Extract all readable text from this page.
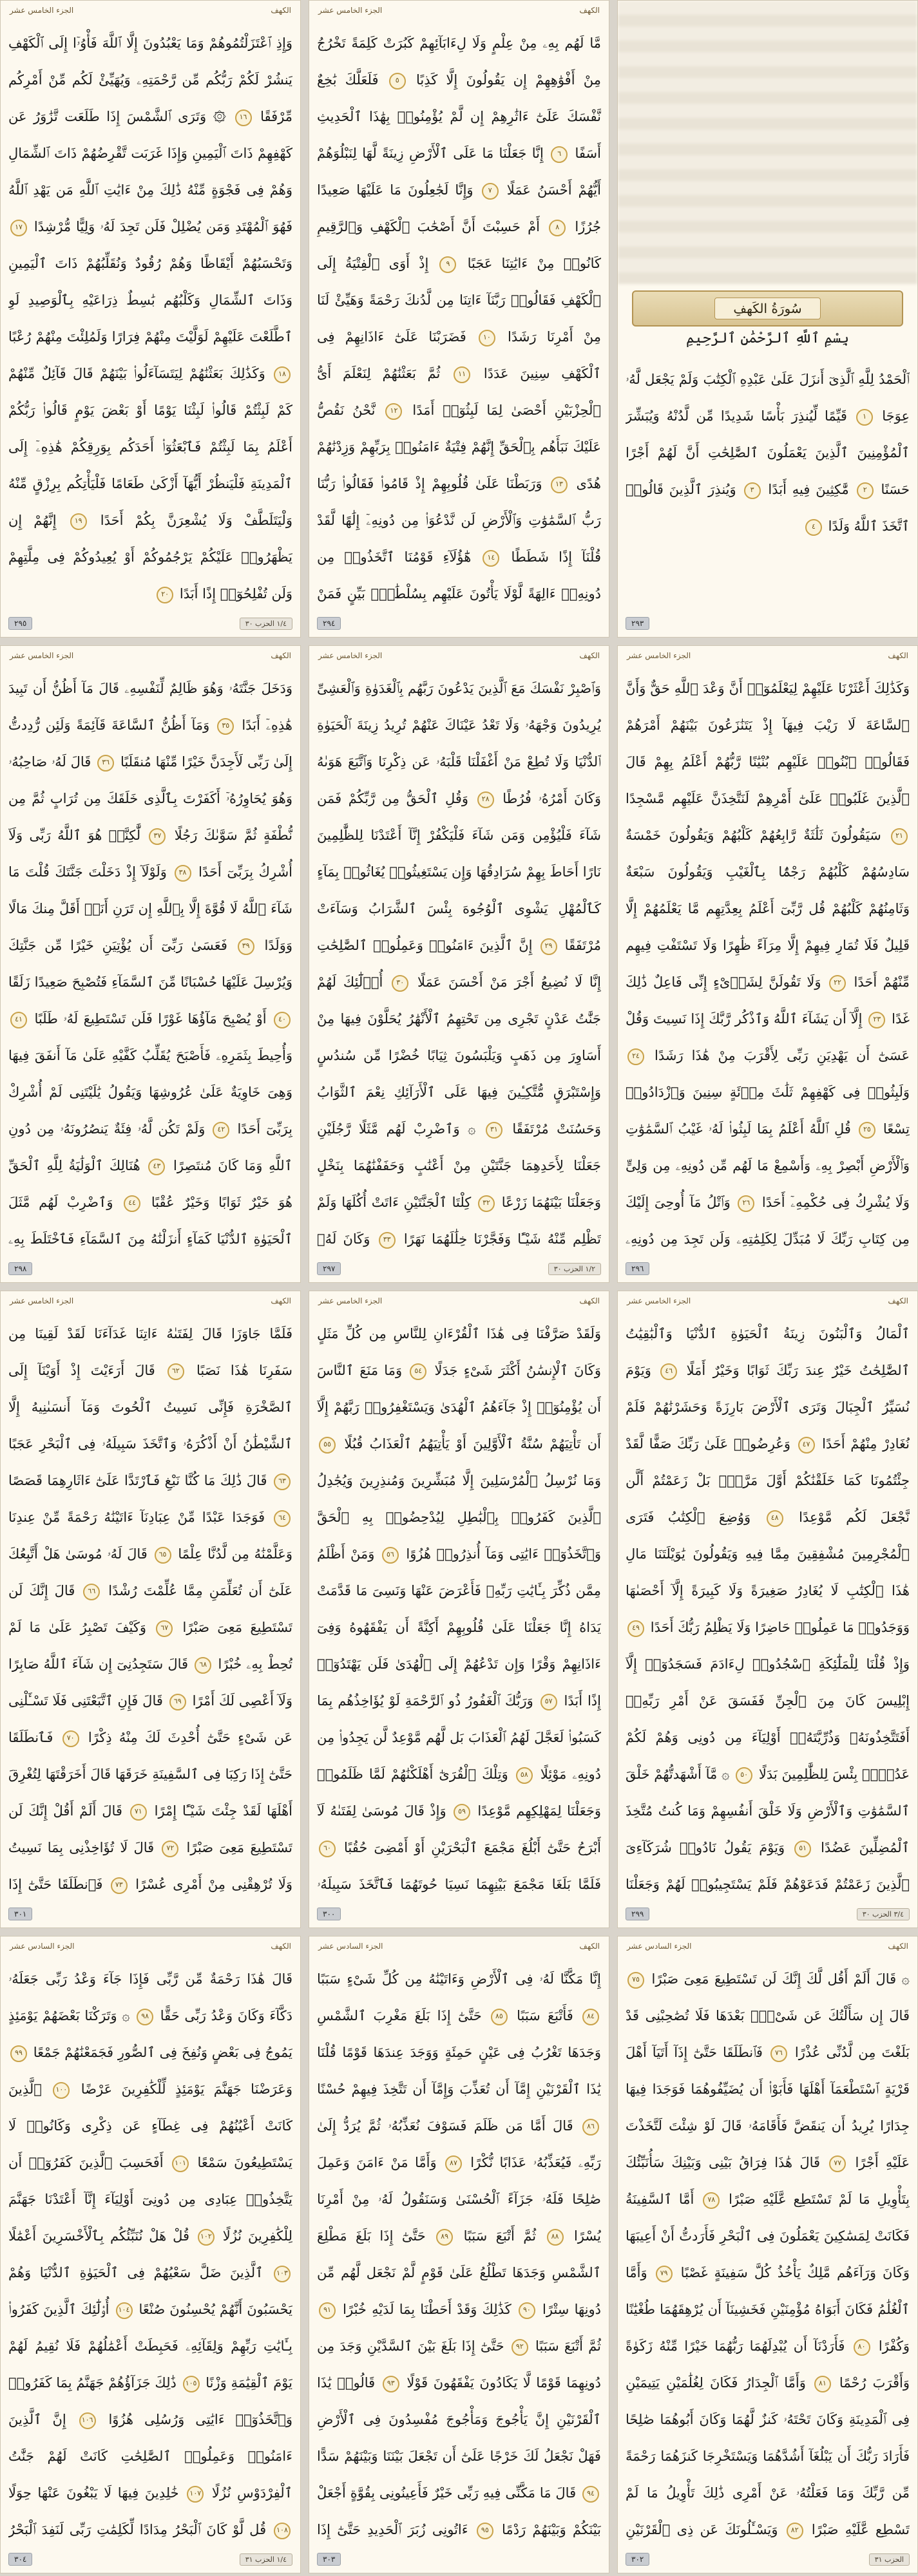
الجزء الخامس عشر	الكهف
وَإِذِ ٱعْتَزَلْتُمُوهُمْ وَمَا يَعْبُدُونَ إِلَّا ٱللَّهَ فَأْوُۥٓا إِلَى ٱلْكَهْفِ يَنشُرْ لَكُمْ رَبُّكُم مِّن رَّحْمَتِهِۦ وَيُهَيِّئْ لَكُم مِّنْ أَمْرِكُم مِّرْفَقًا ١٦ ۞ وَتَرَى ٱلشَّمْسَ إِذَا طَلَعَت تَّزَٰوَرُ عَن كَهْفِهِمْ ذَاتَ ٱلْيَمِينِ وَإِذَا غَرَبَت تَّقْرِضُهُمْ ذَاتَ ٱلشِّمَالِ وَهُمْ فِى فَجْوَةٍ مِّنْهُ ذَٰلِكَ مِنْ ءَايَٰتِ ٱللَّهِ مَن يَهْدِ ٱللَّهُ فَهُوَ ٱلْمُهْتَدِ وَمَن يُضْلِلْ فَلَن تَجِدَ لَهُۥ وَلِيًّا مُّرْشِدًا ١٧ وَتَحْسَبُهُمْ أَيْقَاظًا وَهُمْ رُقُودٌ وَنُقَلِّبُهُمْ ذَاتَ ٱلْيَمِينِ وَذَاتَ ٱلشِّمَالِ وَكَلْبُهُم بَٰسِطٌ ذِرَاعَيْهِ بِٱلْوَصِيدِ لَوِ ٱطَّلَعْتَ عَلَيْهِمْ لَوَلَّيْتَ مِنْهُمْ فِرَارًا وَلَمُلِئْتَ مِنْهُمْ رُعْبًا ١٨ وَكَذَٰلِكَ بَعَثْنَٰهُمْ لِيَتَسَآءَلُوا۟ بَيْنَهُمْ قَالَ قَآئِلٌ مِّنْهُمْ كَمْ لَبِثْتُمْ قَالُوا۟ لَبِثْنَا يَوْمًا أَوْ بَعْضَ يَوْمٍ قَالُوا۟ رَبُّكُمْ أَعْلَمُ بِمَا لَبِثْتُمْ فَٱبْعَثُوٓا۟ أَحَدَكُم بِوَرِقِكُمْ هَٰذِهِۦٓ إِلَى ٱلْمَدِينَةِ فَلْيَنظُرْ أَيُّهَآ أَزْكَىٰ طَعَامًا فَلْيَأْتِكُم بِرِزْقٍ مِّنْهُ وَلْيَتَلَطَّفْ وَلَا يُشْعِرَنَّ بِكُمْ أَحَدًا ١٩ إِنَّهُمْ إِن يَظْهَرُوا۟ عَلَيْكُمْ يَرْجُمُوكُمْ أَوْ يُعِيدُوكُمْ فِى مِلَّتِهِمْ وَلَن تُفْلِحُوٓا۟ إِذًا أَبَدًا ٢٠
٢٩٥	١/٤ الحزب ٣٠
الجزء الخامس عشر	الكهف
مَّا لَهُم بِهِۦ مِنْ عِلْمٍ وَلَا لِءَابَآئِهِمْ كَبُرَتْ كَلِمَةً تَخْرُجُ مِنْ أَفْوَٰهِهِمْ إِن يَقُولُونَ إِلَّا كَذِبًا ٥ فَلَعَلَّكَ بَٰخِعٌ نَّفْسَكَ عَلَىٰٓ ءَاثَٰرِهِمْ إِن لَّمْ يُؤْمِنُوا۟ بِهَٰذَا ٱلْحَدِيثِ أَسَفًا ٦ إِنَّا جَعَلْنَا مَا عَلَى ٱلْأَرْضِ زِينَةً لَّهَا لِنَبْلُوَهُمْ أَيُّهُمْ أَحْسَنُ عَمَلًا ٧ وَإِنَّا لَجَٰعِلُونَ مَا عَلَيْهَا صَعِيدًا جُرُزًا ٨ أَمْ حَسِبْتَ أَنَّ أَصْحَٰبَ ٱلْكَهْفِ وَٱلرَّقِيمِ كَانُوا۟ مِنْ ءَايَٰتِنَا عَجَبًا ٩ إِذْ أَوَى ٱلْفِتْيَةُ إِلَى ٱلْكَهْفِ فَقَالُوا۟ رَبَّنَآ ءَاتِنَا مِن لَّدُنكَ رَحْمَةً وَهَيِّئْ لَنَا مِنْ أَمْرِنَا رَشَدًا ١٠ فَضَرَبْنَا عَلَىٰٓ ءَاذَانِهِمْ فِى ٱلْكَهْفِ سِنِينَ عَدَدًا ١١ ثُمَّ بَعَثْنَٰهُمْ لِنَعْلَمَ أَىُّ ٱلْحِزْبَيْنِ أَحْصَىٰ لِمَا لَبِثُوٓا۟ أَمَدًا ١٢ نَّحْنُ نَقُصُّ عَلَيْكَ نَبَأَهُم بِٱلْحَقِّ إِنَّهُمْ فِتْيَةٌ ءَامَنُوا۟ بِرَبِّهِمْ وَزِدْنَٰهُمْ هُدًى ١٣ وَرَبَطْنَا عَلَىٰ قُلُوبِهِمْ إِذْ قَامُوا۟ فَقَالُوا۟ رَبُّنَا رَبُّ ٱلسَّمَٰوَٰتِ وَٱلْأَرْضِ لَن نَّدْعُوَا۟ مِن دُونِهِۦٓ إِلَٰهًا لَّقَدْ قُلْنَآ إِذًا شَطَطًا ١٤ هَٰٓؤُلَآءِ قَوْمُنَا ٱتَّخَذُوا۟ مِن دُونِهِۦٓ ءَالِهَةً لَّوْلَا يَأْتُونَ عَلَيْهِم بِسُلْطَٰنٍۭ بَيِّنٍ فَمَنْ
٢٩٤
سُورَةُ الكَهفِ
بِسْمِ ٱللَّهِ ٱلرَّحْمَٰنِ ٱلرَّحِيمِ
ٱلْحَمْدُ لِلَّهِ ٱلَّذِىٓ أَنزَلَ عَلَىٰ عَبْدِهِ ٱلْكِتَٰبَ وَلَمْ يَجْعَل لَّهُۥ عِوَجَا ١ قَيِّمًا لِّيُنذِرَ بَأْسًا شَدِيدًا مِّن لَّدُنْهُ وَيُبَشِّرَ ٱلْمُؤْمِنِينَ ٱلَّذِينَ يَعْمَلُونَ ٱلصَّٰلِحَٰتِ أَنَّ لَهُمْ أَجْرًا حَسَنًا ٢ مَّٰكِثِينَ فِيهِ أَبَدًا ٣ وَيُنذِرَ ٱلَّذِينَ قَالُوا۟ ٱتَّخَذَ ٱللَّهُ وَلَدًا ٤
٢٩٣
الجزء الخامس عشر	الكهف
وَدَخَلَ جَنَّتَهُۥ وَهُوَ ظَالِمٌ لِّنَفْسِهِۦ قَالَ مَآ أَظُنُّ أَن تَبِيدَ هَٰذِهِۦٓ أَبَدًا ٣٥ وَمَآ أَظُنُّ ٱلسَّاعَةَ قَآئِمَةً وَلَئِن رُّدِدتُّ إِلَىٰ رَبِّى لَأَجِدَنَّ خَيْرًا مِّنْهَا مُنقَلَبًا ٣٦ قَالَ لَهُۥ صَاحِبُهُۥ وَهُوَ يُحَاوِرُهُۥٓ أَكَفَرْتَ بِٱلَّذِى خَلَقَكَ مِن تُرَابٍ ثُمَّ مِن نُّطْفَةٍ ثُمَّ سَوَّىٰكَ رَجُلًا ٣٧ لَّٰكِنَّا۠ هُوَ ٱللَّهُ رَبِّى وَلَآ أُشْرِكُ بِرَبِّىٓ أَحَدًا ٣٨ وَلَوْلَآ إِذْ دَخَلْتَ جَنَّتَكَ قُلْتَ مَا شَآءَ ٱللَّهُ لَا قُوَّةَ إِلَّا بِٱللَّهِ إِن تَرَنِ أَنَا۠ أَقَلَّ مِنكَ مَالًا وَوَلَدًا ٣٩ فَعَسَىٰ رَبِّىٓ أَن يُؤْتِيَنِ خَيْرًا مِّن جَنَّتِكَ وَيُرْسِلَ عَلَيْهَا حُسْبَانًا مِّنَ ٱلسَّمَآءِ فَتُصْبِحَ صَعِيدًا زَلَقًا ٤٠ أَوْ يُصْبِحَ مَآؤُهَا غَوْرًا فَلَن تَسْتَطِيعَ لَهُۥ طَلَبًا ٤١ وَأُحِيطَ بِثَمَرِهِۦ فَأَصْبَحَ يُقَلِّبُ كَفَّيْهِ عَلَىٰ مَآ أَنفَقَ فِيهَا وَهِىَ خَاوِيَةٌ عَلَىٰ عُرُوشِهَا وَيَقُولُ يَٰلَيْتَنِى لَمْ أُشْرِكْ بِرَبِّىٓ أَحَدًا ٤٢ وَلَمْ تَكُن لَّهُۥ فِئَةٌ يَنصُرُونَهُۥ مِن دُونِ ٱللَّهِ وَمَا كَانَ مُنتَصِرًا ٤٣ هُنَالِكَ ٱلْوَلَٰيَةُ لِلَّهِ ٱلْحَقِّ هُوَ خَيْرٌ ثَوَابًا وَخَيْرٌ عُقْبًا ٤٤ وَٱضْرِبْ لَهُم مَّثَلَ ٱلْحَيَوٰةِ ٱلدُّنْيَا كَمَآءٍ أَنزَلْنَٰهُ مِنَ ٱلسَّمَآءِ فَٱخْتَلَطَ بِهِۦ
٢٩٨
الجزء الخامس عشر	الكهف
وَٱصْبِرْ نَفْسَكَ مَعَ ٱلَّذِينَ يَدْعُونَ رَبَّهُم بِٱلْغَدَوٰةِ وَٱلْعَشِىِّ يُرِيدُونَ وَجْهَهُۥ وَلَا تَعْدُ عَيْنَاكَ عَنْهُمْ تُرِيدُ زِينَةَ ٱلْحَيَوٰةِ ٱلدُّنْيَا وَلَا تُطِعْ مَنْ أَغْفَلْنَا قَلْبَهُۥ عَن ذِكْرِنَا وَٱتَّبَعَ هَوَىٰهُ وَكَانَ أَمْرُهُۥ فُرُطًا ٢٨ وَقُلِ ٱلْحَقُّ مِن رَّبِّكُمْ فَمَن شَآءَ فَلْيُؤْمِن وَمَن شَآءَ فَلْيَكْفُرْ إِنَّآ أَعْتَدْنَا لِلظَّٰلِمِينَ نَارًا أَحَاطَ بِهِمْ سُرَادِقُهَا وَإِن يَسْتَغِيثُوا۟ يُغَاثُوا۟ بِمَآءٍ كَٱلْمُهْلِ يَشْوِى ٱلْوُجُوهَ بِئْسَ ٱلشَّرَابُ وَسَآءَتْ مُرْتَفَقًا ٢٩ إِنَّ ٱلَّذِينَ ءَامَنُوا۟ وَعَمِلُوا۟ ٱلصَّٰلِحَٰتِ إِنَّا لَا نُضِيعُ أَجْرَ مَنْ أَحْسَنَ عَمَلًا ٣٠ أُو۟لَٰٓئِكَ لَهُمْ جَنَّٰتُ عَدْنٍ تَجْرِى مِن تَحْتِهِمُ ٱلْأَنْهَٰرُ يُحَلَّوْنَ فِيهَا مِنْ أَسَاوِرَ مِن ذَهَبٍ وَيَلْبَسُونَ ثِيَابًا خُضْرًا مِّن سُندُسٍ وَإِسْتَبْرَقٍ مُّتَّكِـِٔينَ فِيهَا عَلَى ٱلْأَرَآئِكِ نِعْمَ ٱلثَّوَابُ وَحَسُنَتْ مُرْتَفَقًا ٣١ ۞ وَٱضْرِبْ لَهُم مَّثَلًا رَّجُلَيْنِ جَعَلْنَا لِأَحَدِهِمَا جَنَّتَيْنِ مِنْ أَعْنَٰبٍ وَحَفَفْنَٰهُمَا بِنَخْلٍ وَجَعَلْنَا بَيْنَهُمَا زَرْعًا ٣٢ كِلْتَا ٱلْجَنَّتَيْنِ ءَاتَتْ أُكُلَهَا وَلَمْ تَظْلِم مِّنْهُ شَيْـًٔا وَفَجَّرْنَا خِلَٰلَهُمَا نَهَرًا ٣٣ وَكَانَ لَهُۥ
٢٩٧	١/٢ الحزب ٣٠
الجزء الخامس عشر	الكهف
وَكَذَٰلِكَ أَعْثَرْنَا عَلَيْهِمْ لِيَعْلَمُوٓا۟ أَنَّ وَعْدَ ٱللَّهِ حَقٌّ وَأَنَّ ٱلسَّاعَةَ لَا رَيْبَ فِيهَآ إِذْ يَتَنَٰزَعُونَ بَيْنَهُمْ أَمْرَهُمْ فَقَالُوا۟ ٱبْنُوا۟ عَلَيْهِم بُنْيَٰنًا رَّبُّهُمْ أَعْلَمُ بِهِمْ قَالَ ٱلَّذِينَ غَلَبُوا۟ عَلَىٰٓ أَمْرِهِمْ لَنَتَّخِذَنَّ عَلَيْهِم مَّسْجِدًا ٢١ سَيَقُولُونَ ثَلَٰثَةٌ رَّابِعُهُمْ كَلْبُهُمْ وَيَقُولُونَ خَمْسَةٌ سَادِسُهُمْ كَلْبُهُمْ رَجْمًۢا بِٱلْغَيْبِ وَيَقُولُونَ سَبْعَةٌ وَثَامِنُهُمْ كَلْبُهُمْ قُل رَّبِّىٓ أَعْلَمُ بِعِدَّتِهِم مَّا يَعْلَمُهُمْ إِلَّا قَلِيلٌ فَلَا تُمَارِ فِيهِمْ إِلَّا مِرَآءً ظَٰهِرًا وَلَا تَسْتَفْتِ فِيهِم مِّنْهُمْ أَحَدًا ٢٢ وَلَا تَقُولَنَّ لِشَا۟ىْءٍ إِنِّى فَاعِلٌ ذَٰلِكَ غَدًا ٢٣ إِلَّآ أَن يَشَآءَ ٱللَّهُ وَٱذْكُر رَّبَّكَ إِذَا نَسِيتَ وَقُلْ عَسَىٰٓ أَن يَهْدِيَنِ رَبِّى لِأَقْرَبَ مِنْ هَٰذَا رَشَدًا ٢٤ وَلَبِثُوا۟ فِى كَهْفِهِمْ ثَلَٰثَ مِا۟ئَةٍ سِنِينَ وَٱزْدَادُوا۟ تِسْعًا ٢٥ قُلِ ٱللَّهُ أَعْلَمُ بِمَا لَبِثُوا۟ لَهُۥ غَيْبُ ٱلسَّمَٰوَٰتِ وَٱلْأَرْضِ أَبْصِرْ بِهِۦ وَأَسْمِعْ مَا لَهُم مِّن دُونِهِۦ مِن وَلِىٍّ وَلَا يُشْرِكُ فِى حُكْمِهِۦٓ أَحَدًا ٢٦ وَٱتْلُ مَآ أُوحِىَ إِلَيْكَ مِن كِتَابِ رَبِّكَ لَا مُبَدِّلَ لِكَلِمَٰتِهِۦ وَلَن تَجِدَ مِن دُونِهِۦ
٢٩٦
الجزء الخامس عشر	الكهف
فَلَمَّا جَاوَزَا قَالَ لِفَتَىٰهُ ءَاتِنَا غَدَآءَنَا لَقَدْ لَقِينَا مِن سَفَرِنَا هَٰذَا نَصَبًا ٦٢ قَالَ أَرَءَيْتَ إِذْ أَوَيْنَآ إِلَى ٱلصَّخْرَةِ فَإِنِّى نَسِيتُ ٱلْحُوتَ وَمَآ أَنسَىٰنِيهُ إِلَّا ٱلشَّيْطَٰنُ أَنْ أَذْكُرَهُۥ وَٱتَّخَذَ سَبِيلَهُۥ فِى ٱلْبَحْرِ عَجَبًا ٦٣ قَالَ ذَٰلِكَ مَا كُنَّا نَبْغِ فَٱرْتَدَّا عَلَىٰٓ ءَاثَارِهِمَا قَصَصًا ٦٤ فَوَجَدَا عَبْدًا مِّنْ عِبَادِنَآ ءَاتَيْنَٰهُ رَحْمَةً مِّنْ عِندِنَا وَعَلَّمْنَٰهُ مِن لَّدُنَّا عِلْمًا ٦٥ قَالَ لَهُۥ مُوسَىٰ هَلْ أَتَّبِعُكَ عَلَىٰٓ أَن تُعَلِّمَنِ مِمَّا عُلِّمْتَ رُشْدًا ٦٦ قَالَ إِنَّكَ لَن تَسْتَطِيعَ مَعِىَ صَبْرًا ٦٧ وَكَيْفَ تَصْبِرُ عَلَىٰ مَا لَمْ تُحِطْ بِهِۦ خُبْرًا ٦٨ قَالَ سَتَجِدُنِىٓ إِن شَآءَ ٱللَّهُ صَابِرًا وَلَآ أَعْصِى لَكَ أَمْرًا ٦٩ قَالَ فَإِنِ ٱتَّبَعْتَنِى فَلَا تَسْـَٔلْنِى عَن شَىْءٍ حَتَّىٰٓ أُحْدِثَ لَكَ مِنْهُ ذِكْرًا ٧٠ فَٱنطَلَقَا حَتَّىٰٓ إِذَا رَكِبَا فِى ٱلسَّفِينَةِ خَرَقَهَا قَالَ أَخَرَقْتَهَا لِتُغْرِقَ أَهْلَهَا لَقَدْ جِئْتَ شَيْـًٔا إِمْرًا ٧١ قَالَ أَلَمْ أَقُلْ إِنَّكَ لَن تَسْتَطِيعَ مَعِىَ صَبْرًا ٧٢ قَالَ لَا تُؤَاخِذْنِى بِمَا نَسِيتُ وَلَا تُرْهِقْنِى مِنْ أَمْرِى عُسْرًا ٧٣ فَٱنطَلَقَا حَتَّىٰٓ إِذَا
٣٠١
الجزء الخامس عشر	الكهف
وَلَقَدْ صَرَّفْنَا فِى هَٰذَا ٱلْقُرْءَانِ لِلنَّاسِ مِن كُلِّ مَثَلٍ وَكَانَ ٱلْإِنسَٰنُ أَكْثَرَ شَىْءٍ جَدَلًا ٥٤ وَمَا مَنَعَ ٱلنَّاسَ أَن يُؤْمِنُوٓا۟ إِذْ جَآءَهُمُ ٱلْهُدَىٰ وَيَسْتَغْفِرُوا۟ رَبَّهُمْ إِلَّآ أَن تَأْتِيَهُمْ سُنَّةُ ٱلْأَوَّلِينَ أَوْ يَأْتِيَهُمُ ٱلْعَذَابُ قُبُلًا ٥٥ وَمَا نُرْسِلُ ٱلْمُرْسَلِينَ إِلَّا مُبَشِّرِينَ وَمُنذِرِينَ وَيُجَٰدِلُ ٱلَّذِينَ كَفَرُوا۟ بِٱلْبَٰطِلِ لِيُدْحِضُوا۟ بِهِ ٱلْحَقَّ وَٱتَّخَذُوٓا۟ ءَايَٰتِى وَمَآ أُنذِرُوا۟ هُزُوًا ٥٦ وَمَنْ أَظْلَمُ مِمَّن ذُكِّرَ بِـَٔايَٰتِ رَبِّهِۦ فَأَعْرَضَ عَنْهَا وَنَسِىَ مَا قَدَّمَتْ يَدَاهُ إِنَّا جَعَلْنَا عَلَىٰ قُلُوبِهِمْ أَكِنَّةً أَن يَفْقَهُوهُ وَفِىٓ ءَاذَانِهِمْ وَقْرًا وَإِن تَدْعُهُمْ إِلَى ٱلْهُدَىٰ فَلَن يَهْتَدُوٓا۟ إِذًا أَبَدًا ٥٧ وَرَبُّكَ ٱلْغَفُورُ ذُو ٱلرَّحْمَةِ لَوْ يُؤَاخِذُهُم بِمَا كَسَبُوا۟ لَعَجَّلَ لَهُمُ ٱلْعَذَابَ بَل لَّهُم مَّوْعِدٌ لَّن يَجِدُوا۟ مِن دُونِهِۦ مَوْئِلًا ٥٨ وَتِلْكَ ٱلْقُرَىٰٓ أَهْلَكْنَٰهُمْ لَمَّا ظَلَمُوا۟ وَجَعَلْنَا لِمَهْلِكِهِم مَّوْعِدًا ٥٩ وَإِذْ قَالَ مُوسَىٰ لِفَتَىٰهُ لَآ أَبْرَحُ حَتَّىٰٓ أَبْلُغَ مَجْمَعَ ٱلْبَحْرَيْنِ أَوْ أَمْضِىَ حُقُبًا ٦٠ فَلَمَّا بَلَغَا مَجْمَعَ بَيْنِهِمَا نَسِيَا حُوتَهُمَا فَٱتَّخَذَ سَبِيلَهُۥ
٣٠٠
الجزء الخامس عشر	الكهف
ٱلْمَالُ وَٱلْبَنُونَ زِينَةُ ٱلْحَيَوٰةِ ٱلدُّنْيَا وَٱلْبَٰقِيَٰتُ ٱلصَّٰلِحَٰتُ خَيْرٌ عِندَ رَبِّكَ ثَوَابًا وَخَيْرٌ أَمَلًا ٤٦ وَيَوْمَ نُسَيِّرُ ٱلْجِبَالَ وَتَرَى ٱلْأَرْضَ بَارِزَةً وَحَشَرْنَٰهُمْ فَلَمْ نُغَادِرْ مِنْهُمْ أَحَدًا ٤٧ وَعُرِضُوا۟ عَلَىٰ رَبِّكَ صَفًّا لَّقَدْ جِئْتُمُونَا كَمَا خَلَقْنَٰكُمْ أَوَّلَ مَرَّةٍۭ بَلْ زَعَمْتُمْ أَلَّن نَّجْعَلَ لَكُم مَّوْعِدًا ٤٨ وَوُضِعَ ٱلْكِتَٰبُ فَتَرَى ٱلْمُجْرِمِينَ مُشْفِقِينَ مِمَّا فِيهِ وَيَقُولُونَ يَٰوَيْلَتَنَا مَالِ هَٰذَا ٱلْكِتَٰبِ لَا يُغَادِرُ صَغِيرَةً وَلَا كَبِيرَةً إِلَّآ أَحْصَىٰهَا وَوَجَدُوا۟ مَا عَمِلُوا۟ حَاضِرًا وَلَا يَظْلِمُ رَبُّكَ أَحَدًا ٤٩ وَإِذْ قُلْنَا لِلْمَلَٰٓئِكَةِ ٱسْجُدُوا۟ لِءَادَمَ فَسَجَدُوٓا۟ إِلَّآ إِبْلِيسَ كَانَ مِنَ ٱلْجِنِّ فَفَسَقَ عَنْ أَمْرِ رَبِّهِۦٓ أَفَتَتَّخِذُونَهُۥ وَذُرِّيَّتَهُۥٓ أَوْلِيَآءَ مِن دُونِى وَهُمْ لَكُمْ عَدُوٌّۢ بِئْسَ لِلظَّٰلِمِينَ بَدَلًا ٥٠ ۞ مَّآ أَشْهَدتُّهُمْ خَلْقَ ٱلسَّمَٰوَٰتِ وَٱلْأَرْضِ وَلَا خَلْقَ أَنفُسِهِمْ وَمَا كُنتُ مُتَّخِذَ ٱلْمُضِلِّينَ عَضُدًا ٥١ وَيَوْمَ يَقُولُ نَادُوا۟ شُرَكَآءِىَ ٱلَّذِينَ زَعَمْتُمْ فَدَعَوْهُمْ فَلَمْ يَسْتَجِيبُوا۟ لَهُمْ وَجَعَلْنَا
٢٩٩	٣/٤ الحزب ٣٠
الجزء السادس عشر	الكهف
قَالَ هَٰذَا رَحْمَةٌ مِّن رَّبِّى فَإِذَا جَآءَ وَعْدُ رَبِّى جَعَلَهُۥ دَكَّآءَ وَكَانَ وَعْدُ رَبِّى حَقًّا ٩٨ ۞ وَتَرَكْنَا بَعْضَهُمْ يَوْمَئِذٍ يَمُوجُ فِى بَعْضٍ وَنُفِخَ فِى ٱلصُّورِ فَجَمَعْنَٰهُمْ جَمْعًا ٩٩ وَعَرَضْنَا جَهَنَّمَ يَوْمَئِذٍ لِّلْكَٰفِرِينَ عَرْضًا ١٠٠ ٱلَّذِينَ كَانَتْ أَعْيُنُهُمْ فِى غِطَآءٍ عَن ذِكْرِى وَكَانُوا۟ لَا يَسْتَطِيعُونَ سَمْعًا ١٠١ أَفَحَسِبَ ٱلَّذِينَ كَفَرُوٓا۟ أَن يَتَّخِذُوا۟ عِبَادِى مِن دُونِىٓ أَوْلِيَآءَ إِنَّآ أَعْتَدْنَا جَهَنَّمَ لِلْكَٰفِرِينَ نُزُلًا ١٠٢ قُلْ هَلْ نُنَبِّئُكُم بِٱلْأَخْسَرِينَ أَعْمَٰلًا ١٠٣ ٱلَّذِينَ ضَلَّ سَعْيُهُمْ فِى ٱلْحَيَوٰةِ ٱلدُّنْيَا وَهُمْ يَحْسَبُونَ أَنَّهُمْ يُحْسِنُونَ صُنْعًا ١٠٤ أُو۟لَٰٓئِكَ ٱلَّذِينَ كَفَرُوا۟ بِـَٔايَٰتِ رَبِّهِمْ وَلِقَآئِهِۦ فَحَبِطَتْ أَعْمَٰلُهُمْ فَلَا نُقِيمُ لَهُمْ يَوْمَ ٱلْقِيَٰمَةِ وَزْنًا ١٠٥ ذَٰلِكَ جَزَآؤُهُمْ جَهَنَّمُ بِمَا كَفَرُوا۟ وَٱتَّخَذُوٓا۟ ءَايَٰتِى وَرُسُلِى هُزُوًا ١٠٦ إِنَّ ٱلَّذِينَ ءَامَنُوا۟ وَعَمِلُوا۟ ٱلصَّٰلِحَٰتِ كَانَتْ لَهُمْ جَنَّٰتُ ٱلْفِرْدَوْسِ نُزُلًا ١٠٧ خَٰلِدِينَ فِيهَا لَا يَبْغُونَ عَنْهَا حِوَلًا ١٠٨ قُل لَّوْ كَانَ ٱلْبَحْرُ مِدَادًا لِّكَلِمَٰتِ رَبِّى لَنَفِدَ ٱلْبَحْرُ
٣٠٤	١/٤ الحزب ٣١
الجزء السادس عشر	الكهف
إِنَّا مَكَّنَّا لَهُۥ فِى ٱلْأَرْضِ وَءَاتَيْنَٰهُ مِن كُلِّ شَىْءٍ سَبَبًا ٨٤ فَأَتْبَعَ سَبَبًا ٨٥ حَتَّىٰٓ إِذَا بَلَغَ مَغْرِبَ ٱلشَّمْسِ وَجَدَهَا تَغْرُبُ فِى عَيْنٍ حَمِئَةٍ وَوَجَدَ عِندَهَا قَوْمًا قُلْنَا يَٰذَا ٱلْقَرْنَيْنِ إِمَّآ أَن تُعَذِّبَ وَإِمَّآ أَن تَتَّخِذَ فِيهِمْ حُسْنًا ٨٦ قَالَ أَمَّا مَن ظَلَمَ فَسَوْفَ نُعَذِّبُهُۥ ثُمَّ يُرَدُّ إِلَىٰ رَبِّهِۦ فَيُعَذِّبُهُۥ عَذَابًا نُّكْرًا ٨٧ وَأَمَّا مَنْ ءَامَنَ وَعَمِلَ صَٰلِحًا فَلَهُۥ جَزَآءً ٱلْحُسْنَىٰ وَسَنَقُولُ لَهُۥ مِنْ أَمْرِنَا يُسْرًا ٨٨ ثُمَّ أَتْبَعَ سَبَبًا ٨٩ حَتَّىٰٓ إِذَا بَلَغَ مَطْلِعَ ٱلشَّمْسِ وَجَدَهَا تَطْلُعُ عَلَىٰ قَوْمٍ لَّمْ نَجْعَل لَّهُم مِّن دُونِهَا سِتْرًا ٩٠ كَذَٰلِكَ وَقَدْ أَحَطْنَا بِمَا لَدَيْهِ خُبْرًا ٩١ ثُمَّ أَتْبَعَ سَبَبًا ٩٢ حَتَّىٰٓ إِذَا بَلَغَ بَيْنَ ٱلسَّدَّيْنِ وَجَدَ مِن دُونِهِمَا قَوْمًا لَّا يَكَادُونَ يَفْقَهُونَ قَوْلًا ٩٣ قَالُوا۟ يَٰذَا ٱلْقَرْنَيْنِ إِنَّ يَأْجُوجَ وَمَأْجُوجَ مُفْسِدُونَ فِى ٱلْأَرْضِ فَهَلْ نَجْعَلُ لَكَ خَرْجًا عَلَىٰٓ أَن تَجْعَلَ بَيْنَنَا وَبَيْنَهُمْ سَدًّا ٩٤ قَالَ مَا مَكَّنِّى فِيهِ رَبِّى خَيْرٌ فَأَعِينُونِى بِقُوَّةٍ أَجْعَلْ بَيْنَكُمْ وَبَيْنَهُمْ رَدْمًا ٩٥ ءَاتُونِى زُبَرَ ٱلْحَدِيدِ حَتَّىٰٓ إِذَا
٣٠٣
الجزء السادس عشر	الكهف
۞ قَالَ أَلَمْ أَقُل لَّكَ إِنَّكَ لَن تَسْتَطِيعَ مَعِىَ صَبْرًا ٧٥ قَالَ إِن سَأَلْتُكَ عَن شَىْءٍۭ بَعْدَهَا فَلَا تُصَٰحِبْنِى قَدْ بَلَغْتَ مِن لَّدُنِّى عُذْرًا ٧٦ فَٱنطَلَقَا حَتَّىٰٓ إِذَآ أَتَيَآ أَهْلَ قَرْيَةٍ ٱسْتَطْعَمَآ أَهْلَهَا فَأَبَوْا۟ أَن يُضَيِّفُوهُمَا فَوَجَدَا فِيهَا جِدَارًا يُرِيدُ أَن يَنقَضَّ فَأَقَامَهُۥ قَالَ لَوْ شِئْتَ لَتَّخَذْتَ عَلَيْهِ أَجْرًا ٧٧ قَالَ هَٰذَا فِرَاقُ بَيْنِى وَبَيْنِكَ سَأُنَبِّئُكَ بِتَأْوِيلِ مَا لَمْ تَسْتَطِع عَّلَيْهِ صَبْرًا ٧٨ أَمَّا ٱلسَّفِينَةُ فَكَانَتْ لِمَسَٰكِينَ يَعْمَلُونَ فِى ٱلْبَحْرِ فَأَرَدتُّ أَنْ أَعِيبَهَا وَكَانَ وَرَآءَهُم مَّلِكٌ يَأْخُذُ كُلَّ سَفِينَةٍ غَصْبًا ٧٩ وَأَمَّا ٱلْغُلَٰمُ فَكَانَ أَبَوَاهُ مُؤْمِنَيْنِ فَخَشِينَآ أَن يُرْهِقَهُمَا طُغْيَٰنًا وَكُفْرًا ٨٠ فَأَرَدْنَآ أَن يُبْدِلَهُمَا رَبُّهُمَا خَيْرًا مِّنْهُ زَكَوٰةً وَأَقْرَبَ رُحْمًا ٨١ وَأَمَّا ٱلْجِدَارُ فَكَانَ لِغُلَٰمَيْنِ يَتِيمَيْنِ فِى ٱلْمَدِينَةِ وَكَانَ تَحْتَهُۥ كَنزٌ لَّهُمَا وَكَانَ أَبُوهُمَا صَٰلِحًا فَأَرَادَ رَبُّكَ أَن يَبْلُغَآ أَشُدَّهُمَا وَيَسْتَخْرِجَا كَنزَهُمَا رَحْمَةً مِّن رَّبِّكَ وَمَا فَعَلْتُهُۥ عَنْ أَمْرِى ذَٰلِكَ تَأْوِيلُ مَا لَمْ تَسْطِع عَّلَيْهِ صَبْرًا ٨٢ وَيَسْـَٔلُونَكَ عَن ذِى ٱلْقَرْنَيْنِ
٣٠٢	الحزب ٣١
